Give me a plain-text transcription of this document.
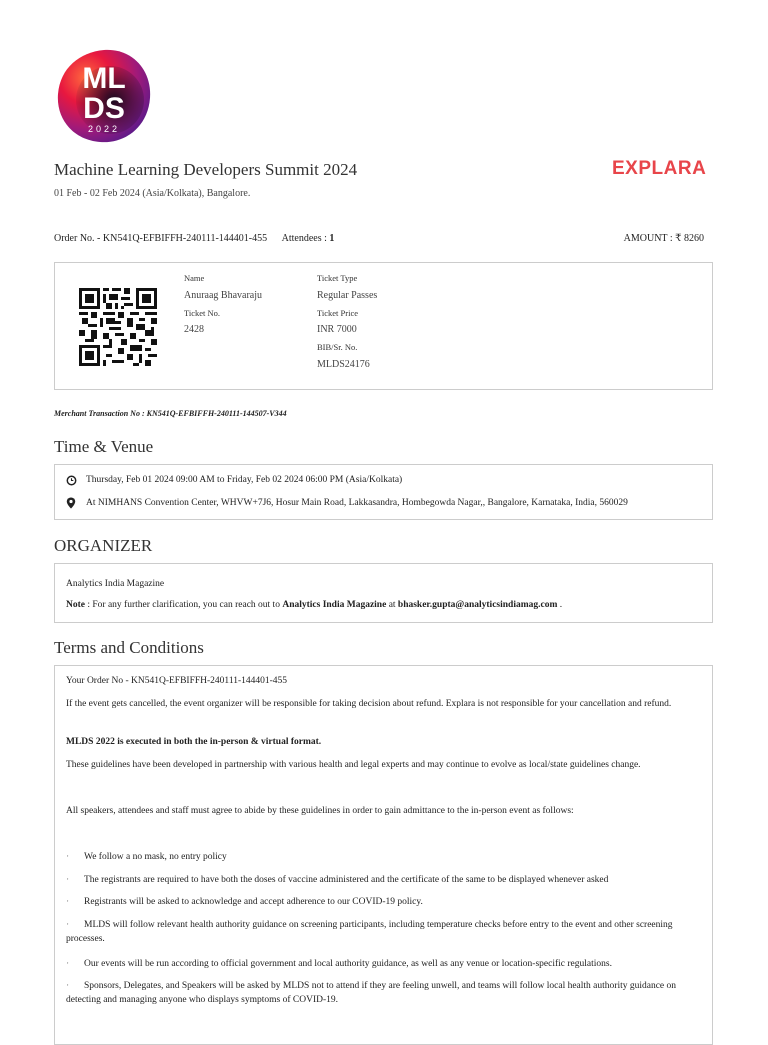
ML
DS
2022
Machine Learning Developers Summit 2024
01 Feb - 02 Feb 2024 (Asia/Kolkata), Bangalore.
EXPLARA
Order No. - KN541Q-EFBIFFH-240111-144401-455 Attendees : 1	AMOUNT : ₹ 8260
Name
Anuraag Bhavaraju
Ticket No.
2428
Ticket Type
Regular Passes
Ticket Price
INR 7000
BIB/Sr. No.
MLDS24176
Merchant Transaction No : KN541Q-EFBIFFH-240111-144507-V344
Time & Venue
Thursday, Feb 01 2024 09:00 AM to Friday, Feb 02 2024 06:00 PM (Asia/Kolkata)
At NIMHANS Convention Center, WHVW+7J6, Hosur Main Road, Lakkasandra, Hombegowda Nagar,, Bangalore, Karnataka, India, 560029
ORGANIZER
Analytics India Magazine
Note : For any further clarification, you can reach out to Analytics India Magazine at bhasker.gupta@analyticsindiamag.com .
Terms and Conditions
Your Order No - KN541Q-EFBIFFH-240111-144401-455
If the event gets cancelled, the event organizer will be responsible for taking decision about refund. Explara is not responsible for your cancellation and refund.
MLDS 2022 is executed in both the in-person & virtual format.
These guidelines have been developed in partnership with various health and legal experts and may continue to evolve as local/state guidelines change.
All speakers, attendees and staff must agree to abide by these guidelines in order to gain admittance to the in-person event as follows:
· We follow a no mask, no entry policy
· The registrants are required to have both the doses of vaccine administered and the certificate of the same to be displayed whenever asked
· Registrants will be asked to acknowledge and accept adherence to our COVID-19 policy.
· MLDS will follow relevant health authority guidance on screening participants, including temperature checks before entry to the event and other screening processes.
· Our events will be run according to official government and local authority guidance, as well as any venue or location-specific regulations.
· Sponsors, Delegates, and Speakers will be asked by MLDS not to attend if they are feeling unwell, and teams will follow local health authority guidance on detecting and managing anyone who displays symptoms of COVID-19.
